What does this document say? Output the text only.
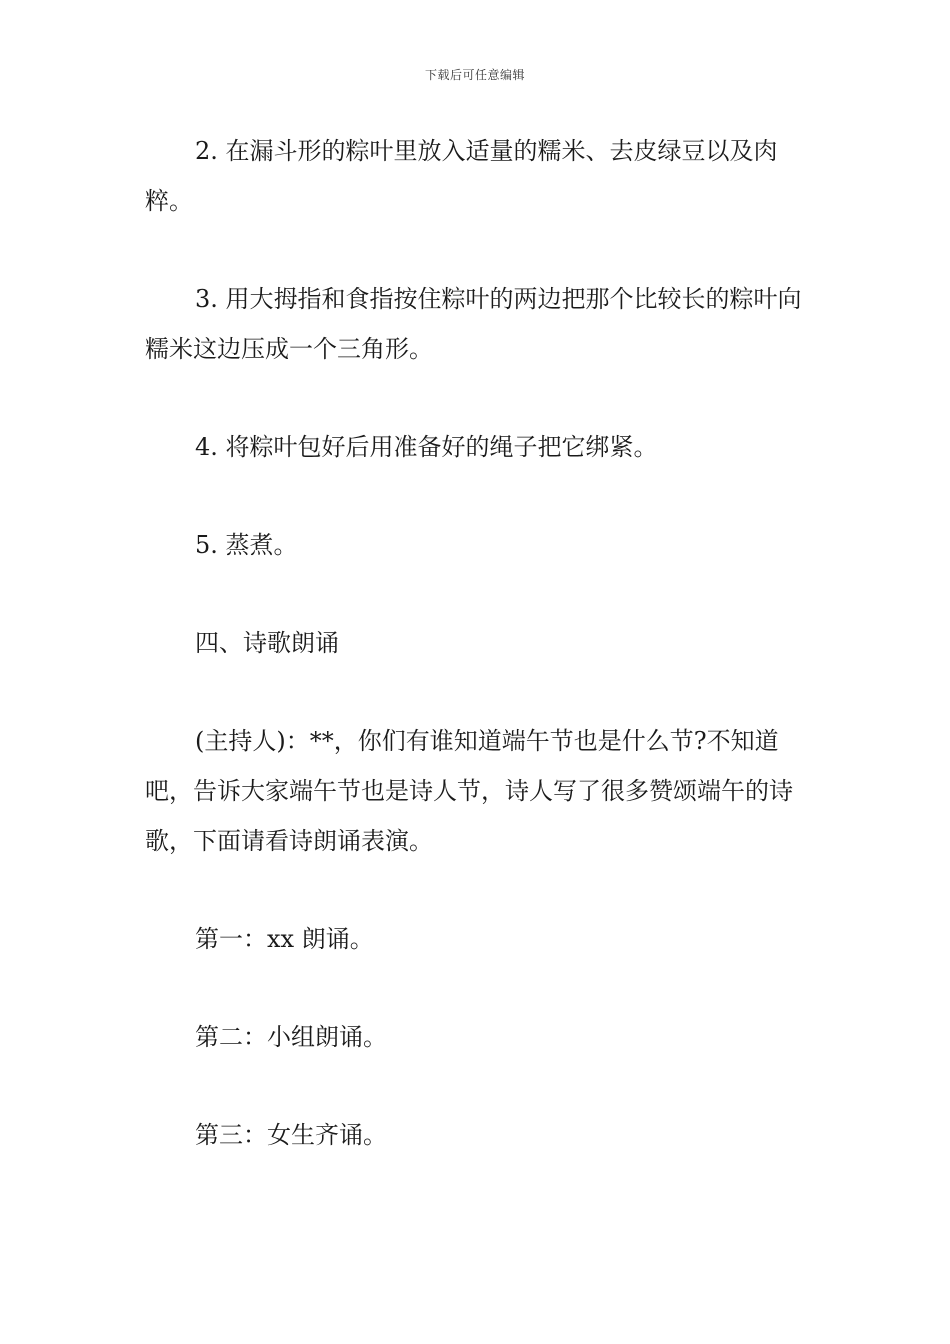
下载后可任意编辑

2. 在漏斗形的粽叶里放入适量的糯米、去皮绿豆以及肉粹。

3. 用大拇指和食指按住粽叶的两边把那个比较长的粽叶向糯米这边压成一个三角形。

4. 将粽叶包好后用准备好的绳子把它绑紧。

5. 蒸煮。

四、诗歌朗诵

(主持人)：**，你们有谁知道端午节也是什么节?不知道吧，告诉大家端午节也是诗人节，诗人写了很多赞颂端午的诗歌，下面请看诗朗诵表演。

第一：xx 朗诵。

第二：小组朗诵。

第三：女生齐诵。
